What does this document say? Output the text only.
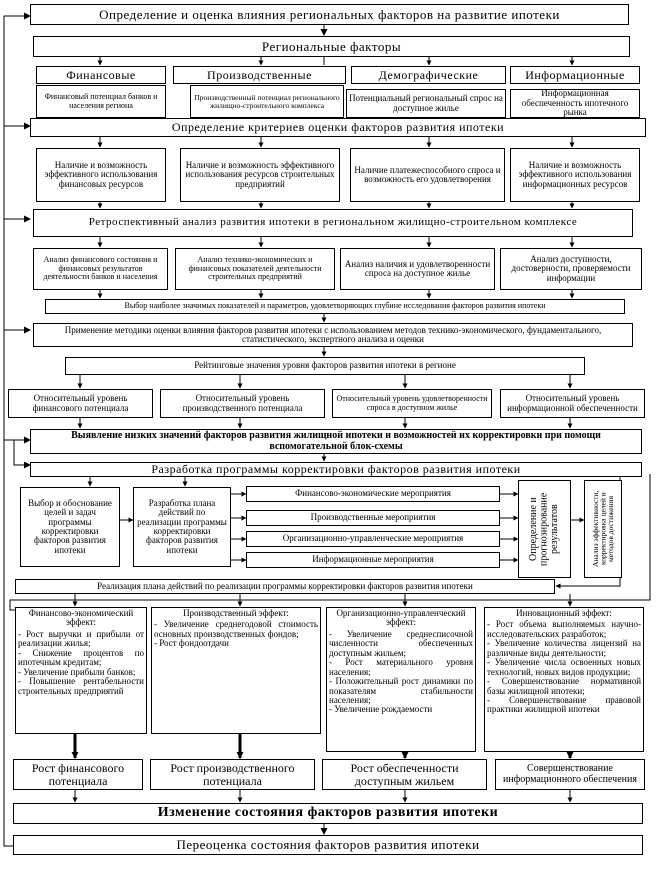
Определение и оценка влияния региональных факторов на развитие ипотеки
Региональные факторы
Финансовые	Производственные	Демографические	Информационные
Финансовый потенциал банков и населения региона
Производственный потенциал регионального жилищно-строительного комплекса
Потенциальный региональный спрос на доступное жилье
Информационная обеспеченность ипотечного рынка
Определение критериев оценки факторов развития ипотеки
Наличие и возможность эффективного использования финансовых ресурсов
Наличие и возможность эффективного использования ресурсов строительных предприятий
Наличие платежеспособного спроса и возможность его удовлетворения
Наличие и возможность эффективного использования информационных ресурсов
Ретроспективный анализ развития ипотеки в региональном жилищно-строительном комплексе
Анализ финансового состояния и финансовых результатов деятельности банков и населения
Анализ технико-экономических и финансовых показателей деятельности строительных предприятий
Анализ наличия и удовлетворенности спроса на доступное жилье
Анализ доступности, достоверности, проверяемости информации
Выбор наиболее значимых показателей и параметров, удовлетворяющих глубине исследования факторов развития ипотеки
Применение методики оценки влияния факторов развития ипотеки с использованием методов технико-экономического, фундаментального, статистического, экспертного анализа и оценки
Рейтинговые значения уровня факторов развития ипотеки в регионе
Относительный уровень финансового потенциала
Относительный уровень производственного потенциала
Относительный уровень удовлетворенности спроса в доступном жилье
Относительный уровень информационной обеспеченности
Выявление низких значений факторов развития жилищной ипотеки и возможностей их корректировки при помощи вспомогательной блок-схемы
Разработка программы корректировки факторов развития ипотеки
Выбор и обоснование целей и задач программы корректировки факторов развития ипотеки
Разработка плана действий по реализации программы корректировки факторов развития ипотеки
Финансово-экономические мероприятия
Производственные мероприятия
Организационно-управленческие мероприятия
Информационные мероприятия	Определение и прогнозирование результатов	Анализ эффективности, корректировка целей и методов достижения
Реализация плана действий по реализации программы корректировки факторов развития ипотеки
Финансово-экономический эффект:
- Рост выручки и прибыли от реализации жилья;
- Снижение процентов по ипотечным кредитам;
- Увеличение прибыли банков;
- Повышение рентабельности строительных предприятий
Производственный эффект:
- Увеличение среднегодовой стоимость основных производственных фондов;
- Рост фондоотдачи
Организационно-управленческий эффект:
- Увеличение среднесписочной численности обеспеченных доступным жильем;
- Рост материального уровня населения;
- Положительный рост динамики по показателям стабильности населения;
- Увеличение рождаемости
Инновационный эффект:
- Рост объема выполняемых научно-исследовательских разработок;
- Увеличение количества лицензий на различные виды деятельности;
- Увеличение числа освоенных новых технологий, новых видов продукции;
- Совершенствование нормативной базы жилищной ипотеки;
- Совершенствование правовой практики жилищной ипотеки
Рост финансового потенциала
Рост производственного потенциала
Рост обеспеченности доступным жильем
Совершенствование информационного обеспечения
Изменение состояния факторов развития ипотеки
Переоценка состояния факторов развития ипотеки
